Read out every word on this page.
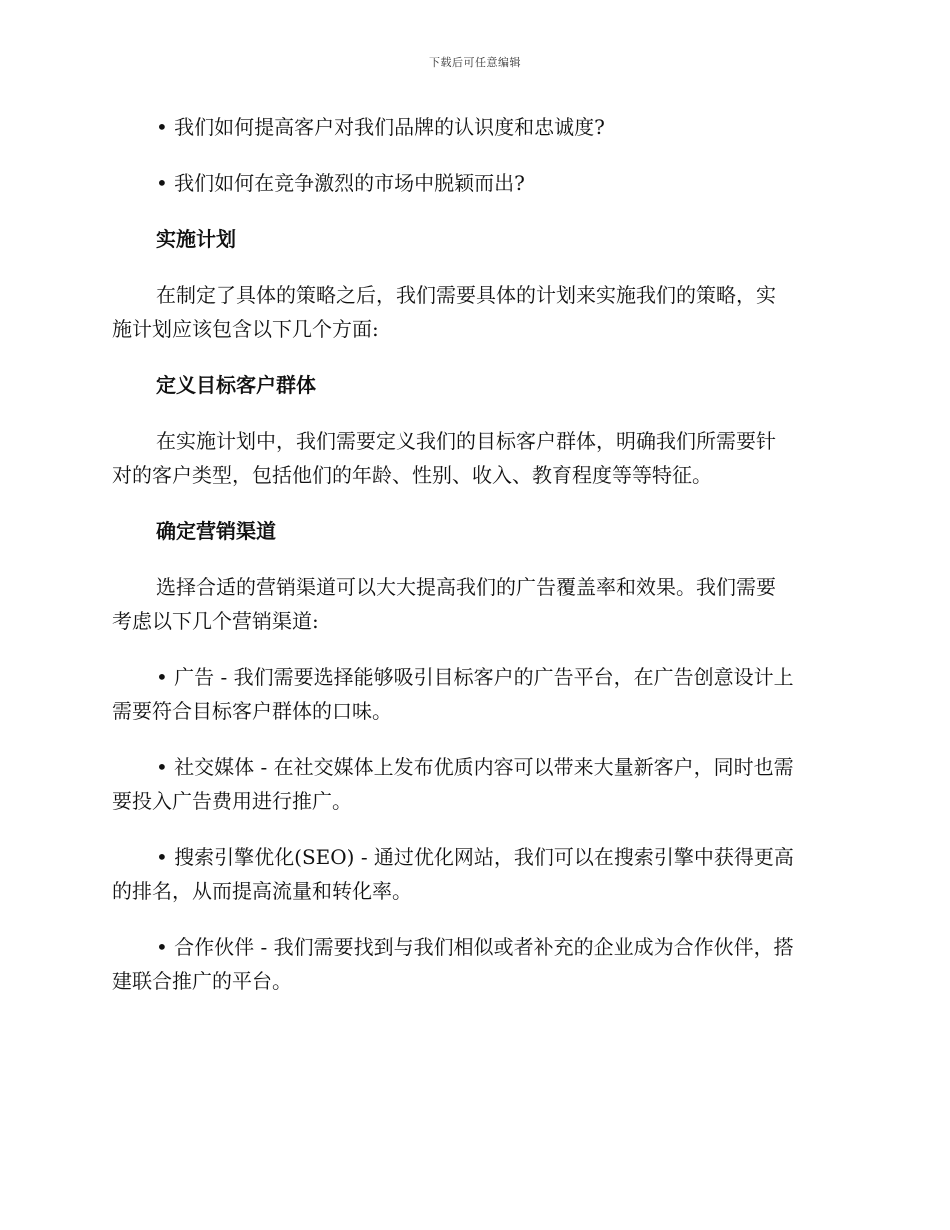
下载后可任意编辑

• 我们如何提高客户对我们品牌的认识度和忠诚度?

• 我们如何在竞争激烈的市场中脱颖而出?

实施计划

在制定了具体的策略之后，我们需要具体的计划来实施我们的策略，实

施计划应该包含以下几个方面:

定义目标客户群体

在实施计划中，我们需要定义我们的目标客户群体，明确我们所需要针

对的客户类型，包括他们的年龄、性别、收入、教育程度等等特征。

确定营销渠道

选择合适的营销渠道可以大大提高我们的广告覆盖率和效果。我们需要

考虑以下几个营销渠道:

• 广告 - 我们需要选择能够吸引目标客户的广告平台，在广告创意设计上

需要符合目标客户群体的口味。

• 社交媒体 - 在社交媒体上发布优质内容可以带来大量新客户，同时也需

要投入广告费用进行推广。

• 搜索引擎优化(SEO) - 通过优化网站，我们可以在搜索引擎中获得更高

的排名，从而提高流量和转化率。

• 合作伙伴 - 我们需要找到与我们相似或者补充的企业成为合作伙伴，搭

建联合推广的平台。
